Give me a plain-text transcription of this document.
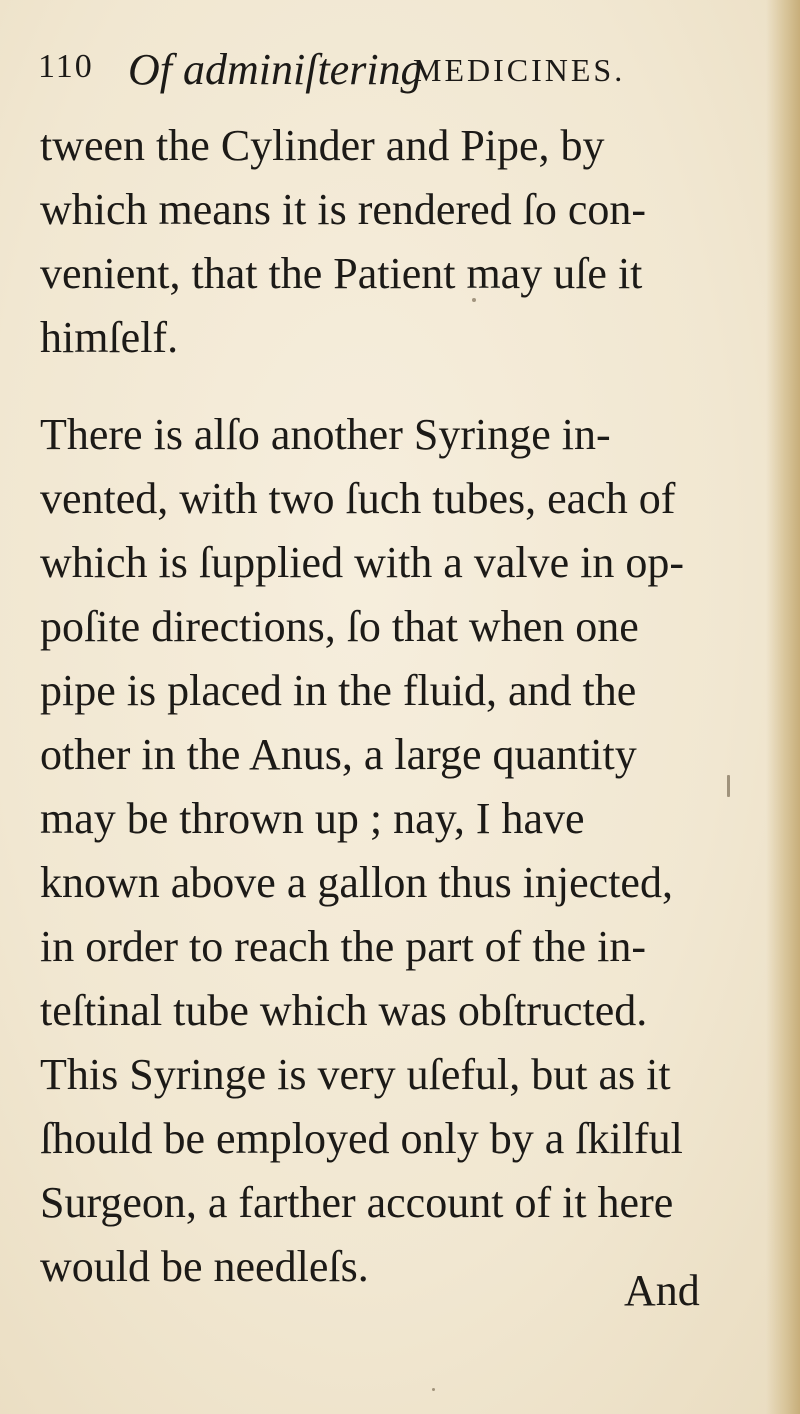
110 Of adminiſtering
MEDICINES.
tween the Cylinder and Pipe, by
which means it is rendered ſo con-
venient, that the Patient may uſe it
himſelf.
There is alſo another Syringe in-
vented, with two ſuch tubes, each of
which is ſupplied with a valve in op-
poſite directions, ſo that when one
pipe is placed in the fluid, and the
other in the Anus, a large quantity
may be thrown up ; nay, I have
known above a gallon thus injected,
in order to reach the part of the in-
teſtinal tube which was obſtructed.
This Syringe is very uſeful, but as it
ſhould be employed only by a ſkilful
Surgeon, a farther account of it here
would be needleſs.	And
